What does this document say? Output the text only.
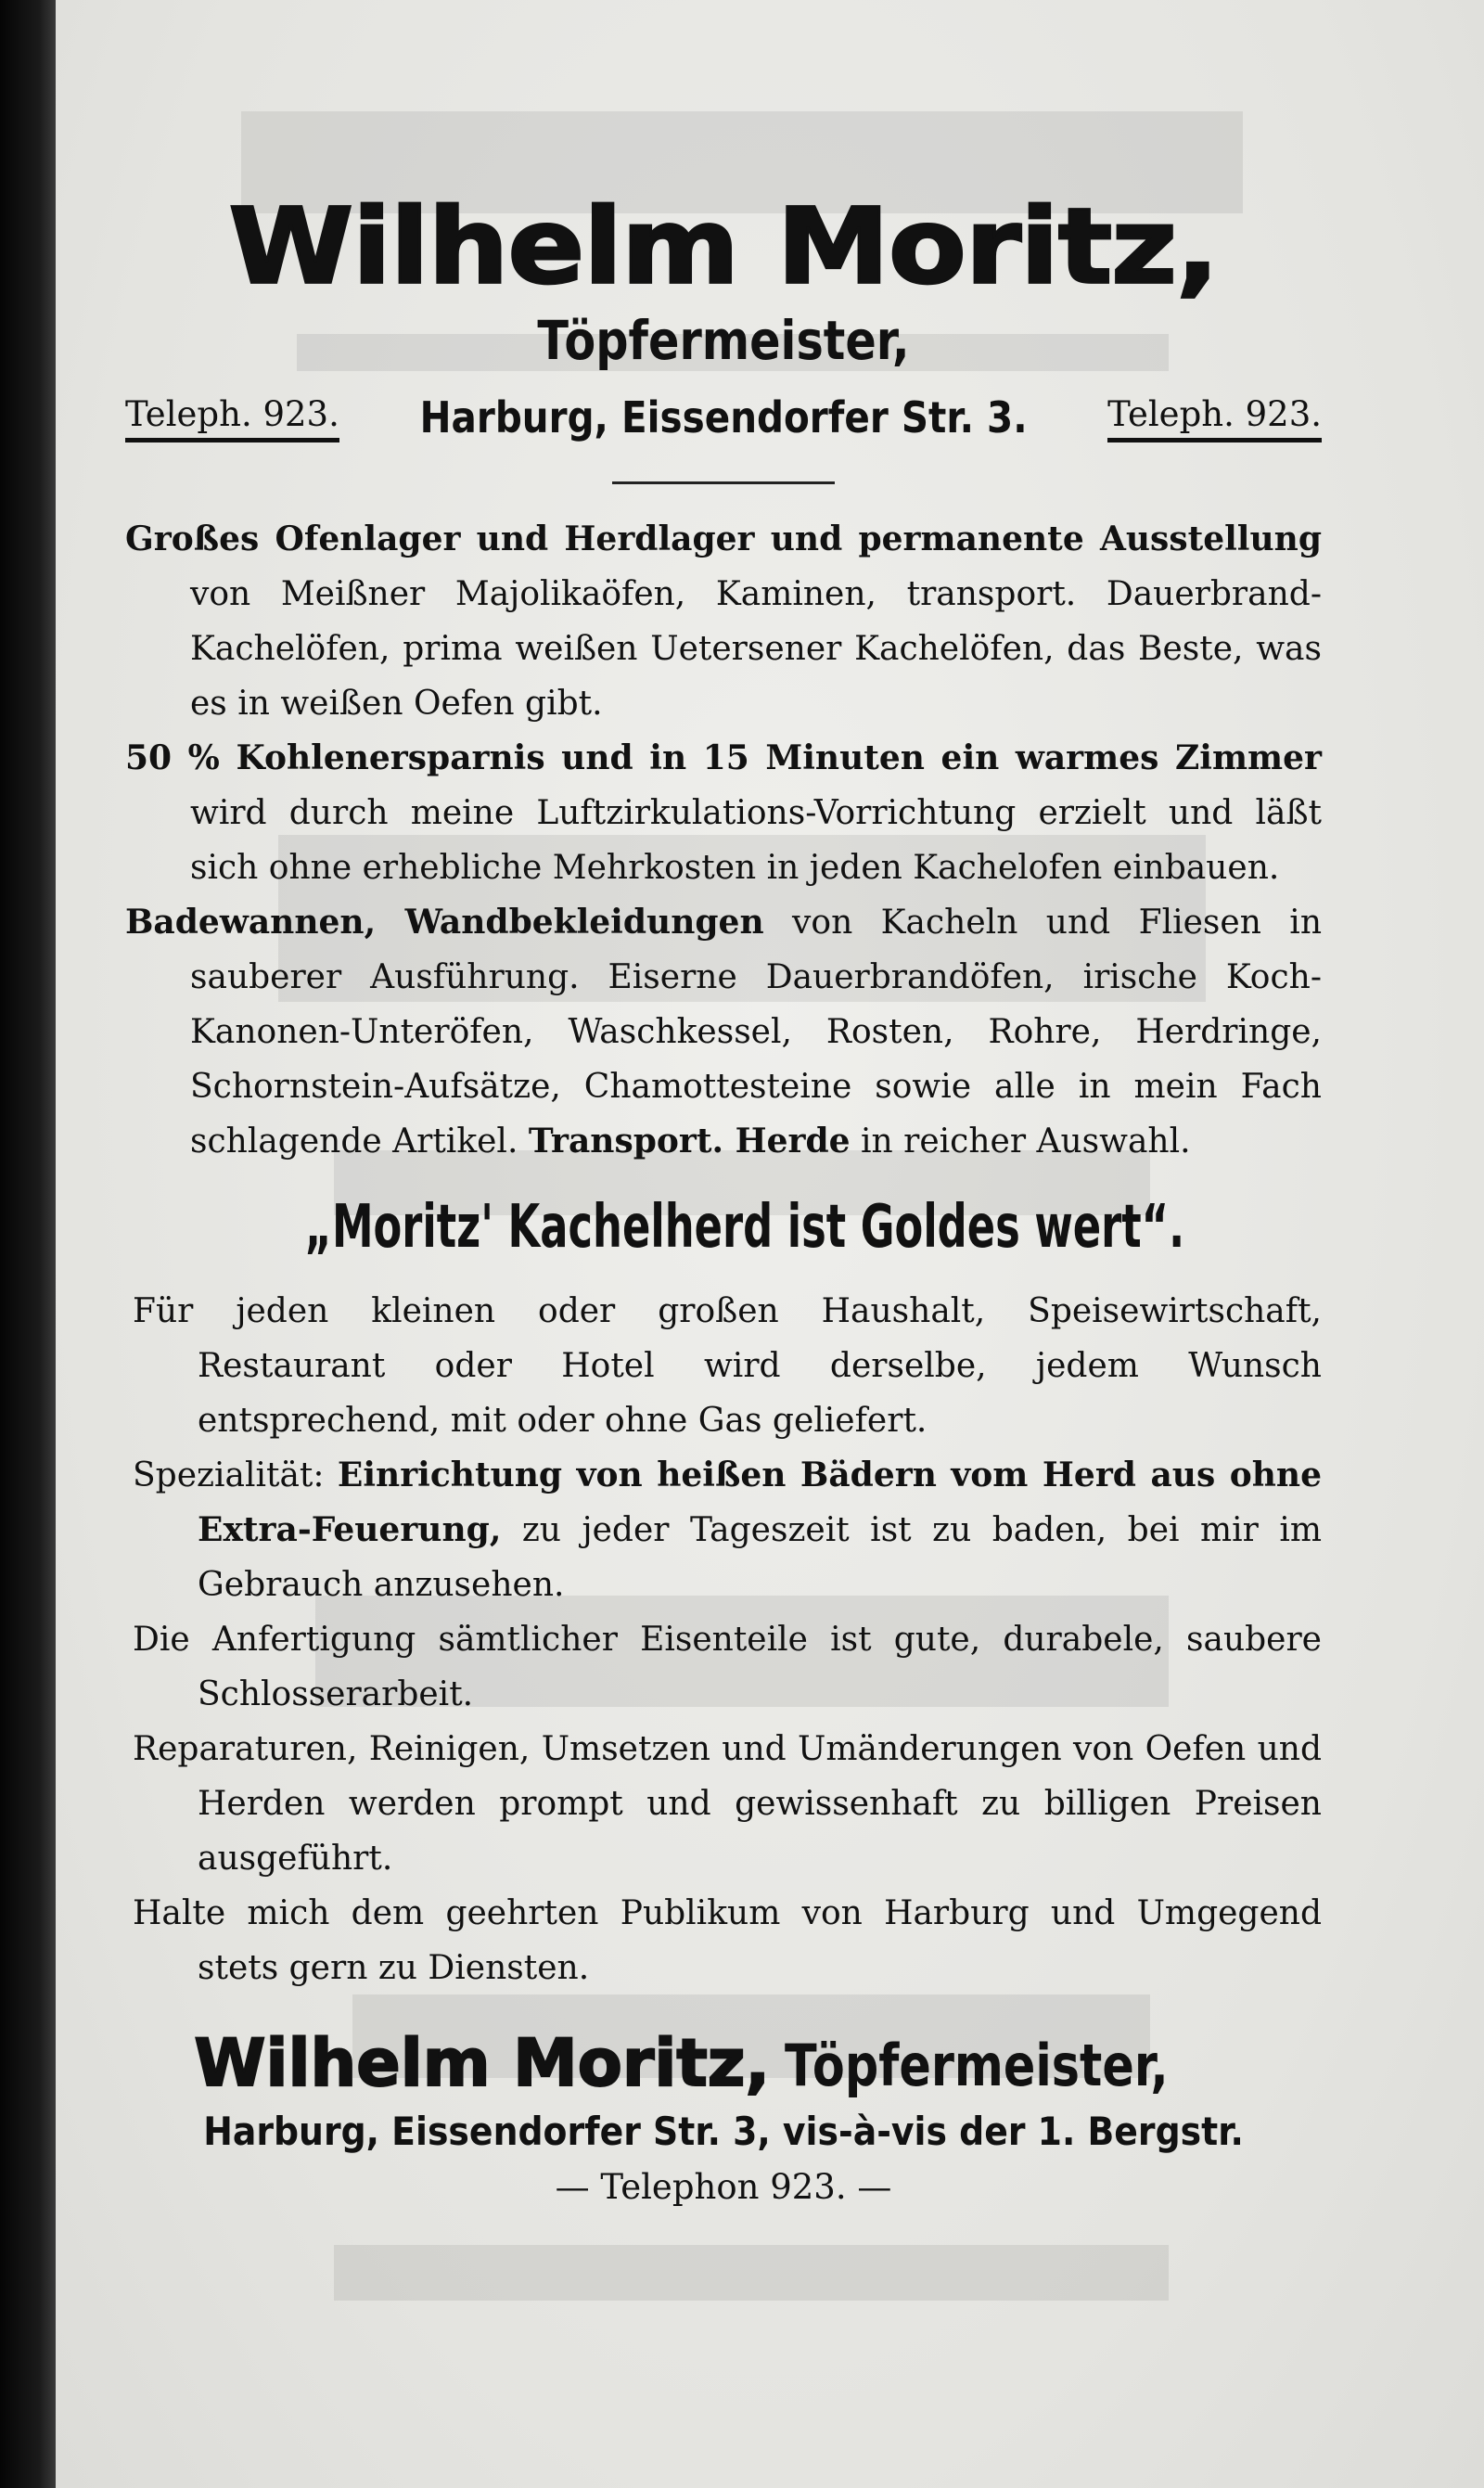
Wilhelm Moritz,
Töpfermeister,
Teleph. 923. Harburg, Eissendorfer Str. 3. Teleph. 923.

Großes Ofenlager und Herdlager und permanente Ausstellung von Meißner Majolikaöfen, Kaminen, transport. Dauerbrand-Kachelöfen, prima weißen Uetersener Kachelöfen, das Beste, was es in weißen Oefen gibt.

50 % Kohlenersparnis und in 15 Minuten ein warmes Zimmer wird durch meine Luftzirkulations-Vorrichtung erzielt und läßt sich ohne erhebliche Mehrkosten in jeden Kachelofen einbauen.

Badewannen, Wandbekleidungen von Kacheln und Fliesen in sauberer Ausführung. Eiserne Dauerbrandöfen, irische Koch-Kanonen-Unteröfen, Waschkessel, Rosten, Rohre, Herdringe, Schornstein-Aufsätze, Chamottesteine sowie alle in mein Fach schlagende Artikel. Transport. Herde in reicher Auswahl.

„Moritz' Kachelherd ist Goldes wert“.

Für jeden kleinen oder großen Haushalt, Speisewirtschaft, Restaurant oder Hotel wird derselbe, jedem Wunsch entsprechend, mit oder ohne Gas geliefert.

Spezialität: Einrichtung von heißen Bädern vom Herd aus ohne Extra-Feuerung, zu jeder Tageszeit ist zu baden, bei mir im Gebrauch anzusehen.

Die Anfertigung sämtlicher Eisenteile ist gute, durabele, saubere Schlosserarbeit.

Reparaturen, Reinigen, Umsetzen und Umänderungen von Oefen und Herden werden prompt und gewissenhaft zu billigen Preisen ausgeführt.

Halte mich dem geehrten Publikum von Harburg und Umgegend stets gern zu Diensten.

Wilhelm Moritz, Töpfermeister,
Harburg, Eissendorfer Str. 3, vis-à-vis der 1. Bergstr.
— Telephon 923. —
